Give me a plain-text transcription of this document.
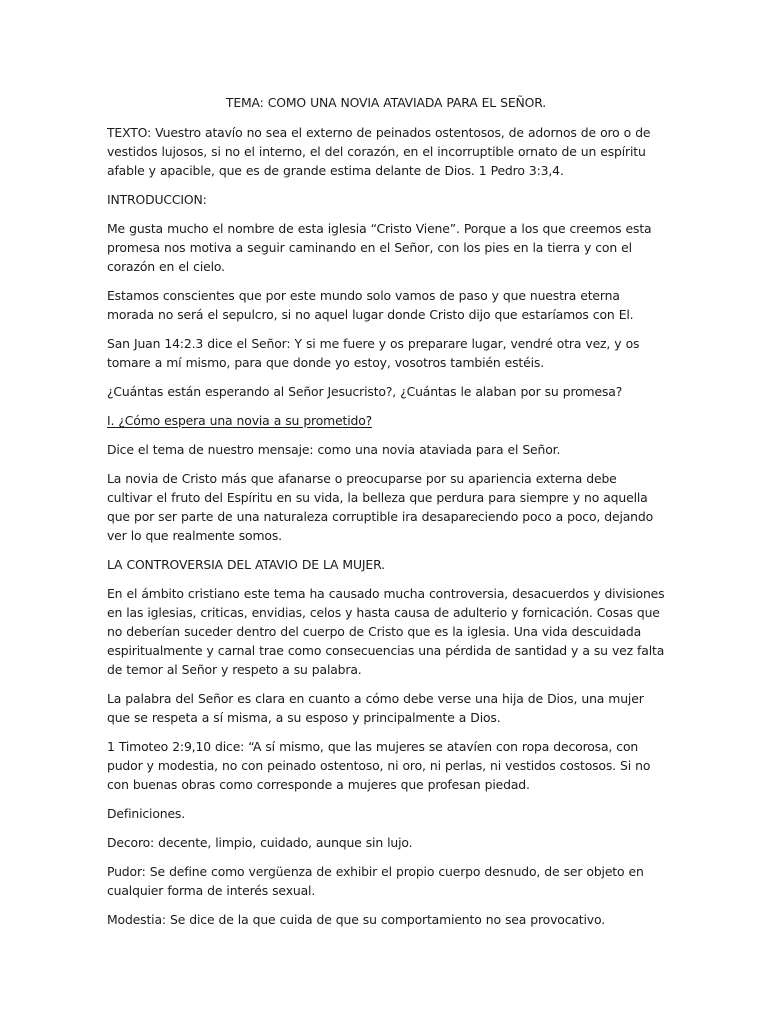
TEMA: COMO UNA NOVIA ATAVIADA PARA EL SEÑOR.

TEXTO: Vuestro atavío no sea el externo de peinados ostentosos, de adornos de oro o de vestidos lujosos, si no el interno, el del corazón, en el incorruptible ornato de un espíritu afable y apacible, que es de grande estima delante de Dios. 1 Pedro 3:3,4.

INTRODUCCION:

Me gusta mucho el nombre de esta iglesia “Cristo Viene”. Porque a los que creemos esta promesa nos motiva a seguir caminando en el Señor, con los pies en la tierra y con el corazón en el cielo.

Estamos conscientes que por este mundo solo vamos de paso y que nuestra eterna morada no será el sepulcro, si no aquel lugar donde Cristo dijo que estaríamos con El.

San Juan 14:2.3 dice el Señor: Y si me fuere y os preparare lugar, vendré otra vez, y os tomare a mí mismo, para que donde yo estoy, vosotros también estéis.

¿Cuántas están esperando al Señor Jesucristo?, ¿Cuántas le alaban por su promesa?

I. ¿Cómo espera una novia a su prometido?

Dice el tema de nuestro mensaje: como una novia ataviada para el Señor.

La novia de Cristo más que afanarse o preocuparse por su apariencia externa debe cultivar el fruto del Espíritu en su vida, la belleza que perdura para siempre y no aquella que por ser parte de una naturaleza corruptible ira desapareciendo poco a poco, dejando ver lo que realmente somos.

LA CONTROVERSIA DEL ATAVIO DE LA MUJER.

En el ámbito cristiano este tema ha causado mucha controversia, desacuerdos y divisiones en las iglesias, criticas, envidias, celos y hasta causa de adulterio y fornicación. Cosas que no deberían suceder dentro del cuerpo de Cristo que es la iglesia. Una vida descuidada espiritualmente y carnal trae como consecuencias una pérdida de santidad y a su vez falta de temor al Señor y respeto a su palabra.

La palabra del Señor es clara en cuanto a cómo debe verse una hija de Dios, una mujer que se respeta a sí misma, a su esposo y principalmente a Dios.

1 Timoteo 2:9,10 dice: “A sí mismo, que las mujeres se atavíen con ropa decorosa, con pudor y modestia, no con peinado ostentoso, ni oro, ni perlas, ni vestidos costosos. Si no con buenas obras como corresponde a mujeres que profesan piedad.

Definiciones.

Decoro: decente, limpio, cuidado, aunque sin lujo.

Pudor: Se define como vergüenza de exhibir el propio cuerpo desnudo, de ser objeto en cualquier forma de interés sexual.

Modestia: Se dice de la que cuida de que su comportamiento no sea provocativo.
